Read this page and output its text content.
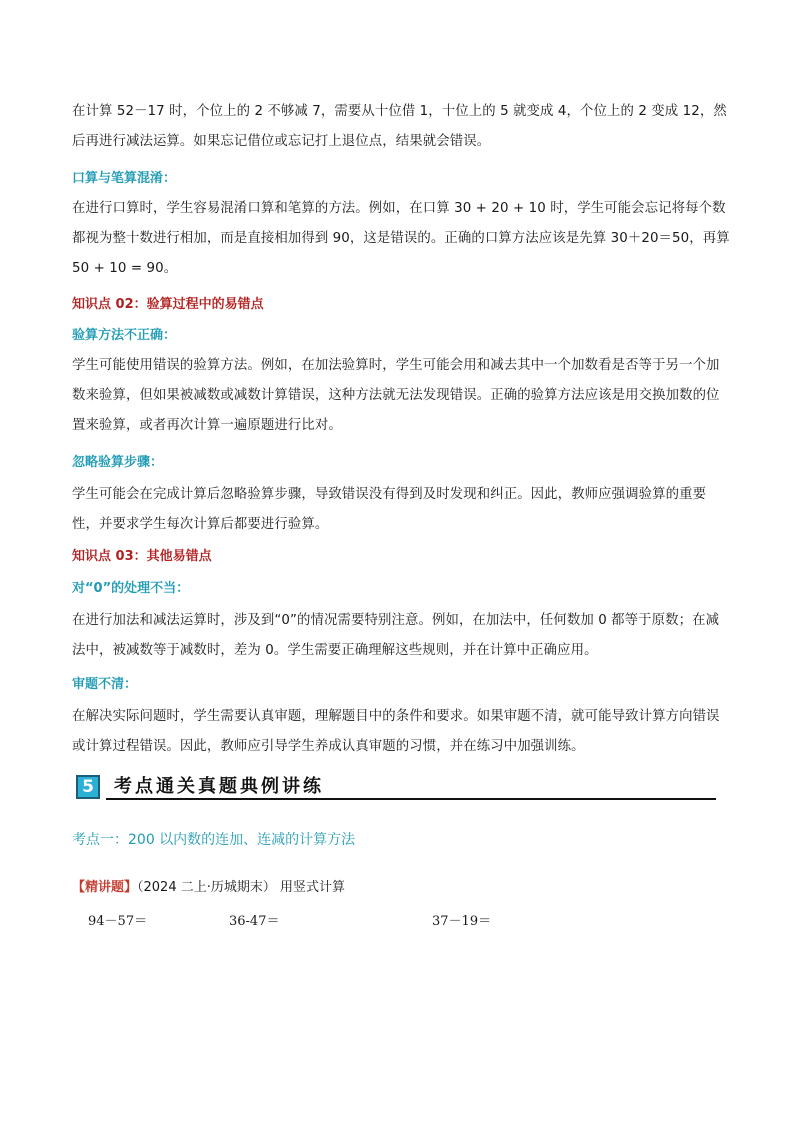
在计算 52－17 时，个位上的 2 不够减 7，需要从十位借 1，十位上的 5 就变成 4，个位上的 2 变成 12，然后再进行减法运算。如果忘记借位或忘记打上退位点，结果就会错误。

口算与笔算混淆：

在进行口算时，学生容易混淆口算和笔算的方法。例如，在口算 30 + 20 + 10 时，学生可能会忘记将每个数都视为整十数进行相加，而是直接相加得到 90，这是错误的。正确的口算方法应该是先算 30＋20＝50，再算 50 + 10 = 90。

知识点 02：验算过程中的易错点

验算方法不正确：

学生可能使用错误的验算方法。例如，在加法验算时，学生可能会用和减去其中一个加数看是否等于另一个加数来验算，但如果被减数或减数计算错误，这种方法就无法发现错误。正确的验算方法应该是用交换加数的位置来验算，或者再次计算一遍原题进行比对。

忽略验算步骤：

学生可能会在完成计算后忽略验算步骤，导致错误没有得到及时发现和纠正。因此，教师应强调验算的重要性，并要求学生每次计算后都要进行验算。

知识点 03：其他易错点

对“0”的处理不当：

在进行加法和减法运算时，涉及到“0”的情况需要特别注意。例如，在加法中，任何数加 0 都等于原数；在减法中，被减数等于减数时，差为 0。学生需要正确理解这些规则，并在计算中正确应用。

审题不清：

在解决实际问题时，学生需要认真审题，理解题目中的条件和要求。如果审题不清，就可能导致计算方向错误或计算过程错误。因此，教师应引导学生养成认真审题的习惯，并在练习中加强训练。

5	考点通关真题典例讲练

考点一：200 以内数的连加、连减的计算方法

【精讲题】（2024 二上·历城期末） 用竖式计算

94－57＝	36-47＝	37－19＝
